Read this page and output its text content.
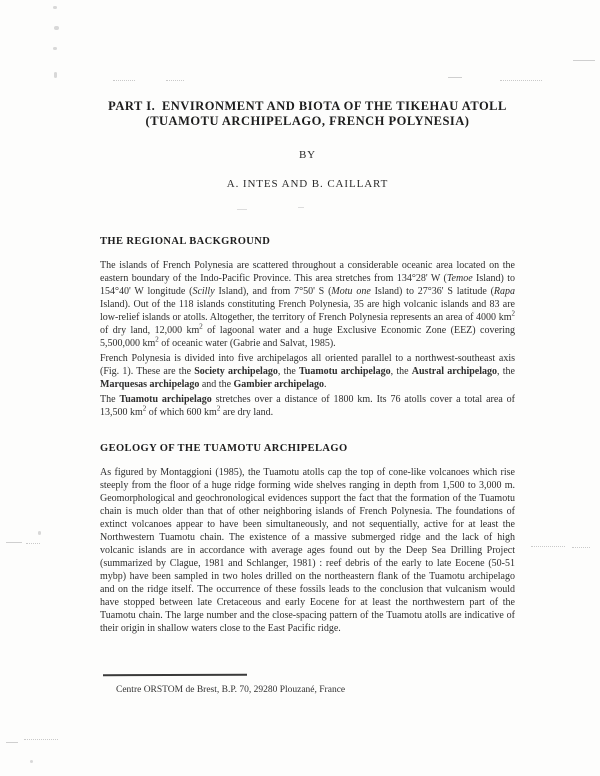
PART I. ENVIRONMENT AND BIOTA OF THE TIKEHAU ATOLL
(TUAMOTU ARCHIPELAGO, FRENCH POLYNESIA)
BY
A. INTES AND B. CAILLART
THE REGIONAL BACKGROUND

The islands of French Polynesia are scattered throughout a considerable oceanic area located on the eastern boundary of the Indo-Pacific Province. This area stretches from 134°28' W (Temoe Island) to 154°40' W longitude (Scilly Island), and from 7°50' S (Motu one Island) to 27°36' S latitude (Rapa Island). Out of the 118 islands constituting French Polynesia, 35 are high volcanic islands and 83 are low-relief islands or atolls. Altogether, the territory of French Polynesia represents an area of 4000 $km^2$ of dry land, 12,000 $km^2$ of lagoonal water and a huge Exclusive Economic Zone (EEZ) covering 5,500,000 $km^2$ of oceanic water (Gabrie and Salvat, 1985).

French Polynesia is divided into five archipelagos all oriented parallel to a northwest-southeast axis (Fig. 1). These are the Society archipelago, the Tuamotu archipelago, the Austral archipelago, the Marquesas archipelago and the Gambier archipelago.

The Tuamotu archipelago stretches over a distance of 1800 km. Its 76 atolls cover a total area of 13,500 $km^2$ of which 600 $km^2$ are dry land.

GEOLOGY OF THE TUAMOTU ARCHIPELAGO

As figured by Montaggioni (1985), the Tuamotu atolls cap the top of cone-like volcanoes which rise steeply from the floor of a huge ridge forming wide shelves ranging in depth from 1,500 to 3,000 m. Geomorphological and geochronological evidences support the fact that the formation of the Tuamotu chain is much older than that of other neighboring islands of French Polynesia. The foundations of extinct volcanoes appear to have been simultaneously, and not sequentially, active for at least the Northwestern Tuamotu chain. The existence of a massive submerged ridge and the lack of high volcanic islands are in accordance with average ages found out by the Deep Sea Drilling Project (summarized by Clague, 1981 and Schlanger, 1981) : reef debris of the early to late Eocene (50-51 mybp) have been sampled in two holes drilled on the northeastern flank of the Tuamotu archipelago and on the ridge itself. The occurrence of these fossils leads to the conclusion that vulcanism would have stopped between late Cretaceous and early Eocene for at least the northwestern part of the Tuamotu chain. The large number and the close-spacing pattern of the Tuamotu atolls are indicative of their origin in shallow waters close to the East Pacific ridge.

Centre ORSTOM de Brest, B.P. 70, 29280 Plouzané, France
